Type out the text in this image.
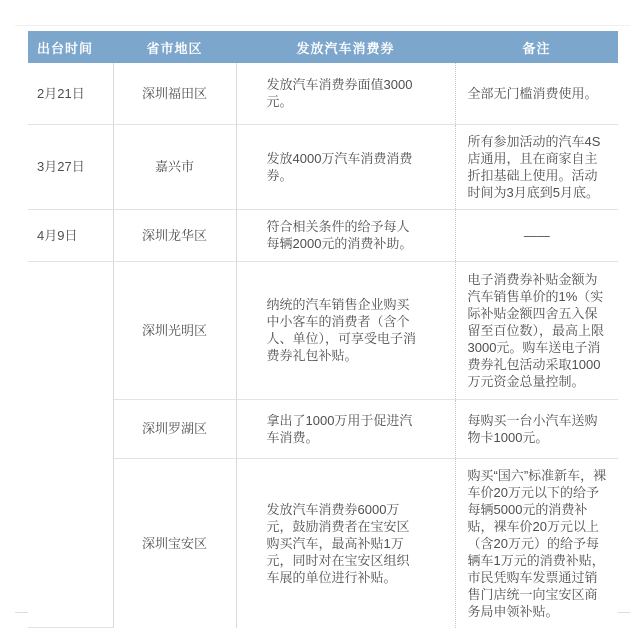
出台时间	省市地区	发放汽车消费券	备注
2月21日	深圳福田区	发放汽车消费券面值3000元。	全部无门槛消费使用。
3月27日	嘉兴市	发放4000万汽车消费消费券。	所有参加活动的汽车4S店通用，且在商家自主折扣基础上使用。活动时间为3月底到5月底。
4月9日	深圳龙华区	符合相关条件的给予每人每辆2000元的消费补助。	——
	深圳光明区	纳统的汽车销售企业购买中小客车的消费者（含个人、单位），可享受电子消费券礼包补贴。	电子消费券补贴金额为汽车销售单价的1%（实际补贴金额四舍五入保留至百位数），最高上限3000元。购车送电子消费券礼包活动采取1000万元资金总量控制。
	深圳罗湖区	拿出了1000万用于促进汽车消费。	每购买一台小汽车送购物卡1000元。
	深圳宝安区	发放汽车消费券6000万元，鼓励消费者在宝安区购买汽车，最高补贴1万元，同时对在宝安区组织车展的单位进行补贴。	购买“国六”标准新车，裸车价20万元以下的给予每辆5000元的消费补贴，裸车价20万元以上（含20万元）的给予每辆车1万元的消费补贴，市民凭购车发票通过销售门店统一向宝安区商务局申领补贴。
